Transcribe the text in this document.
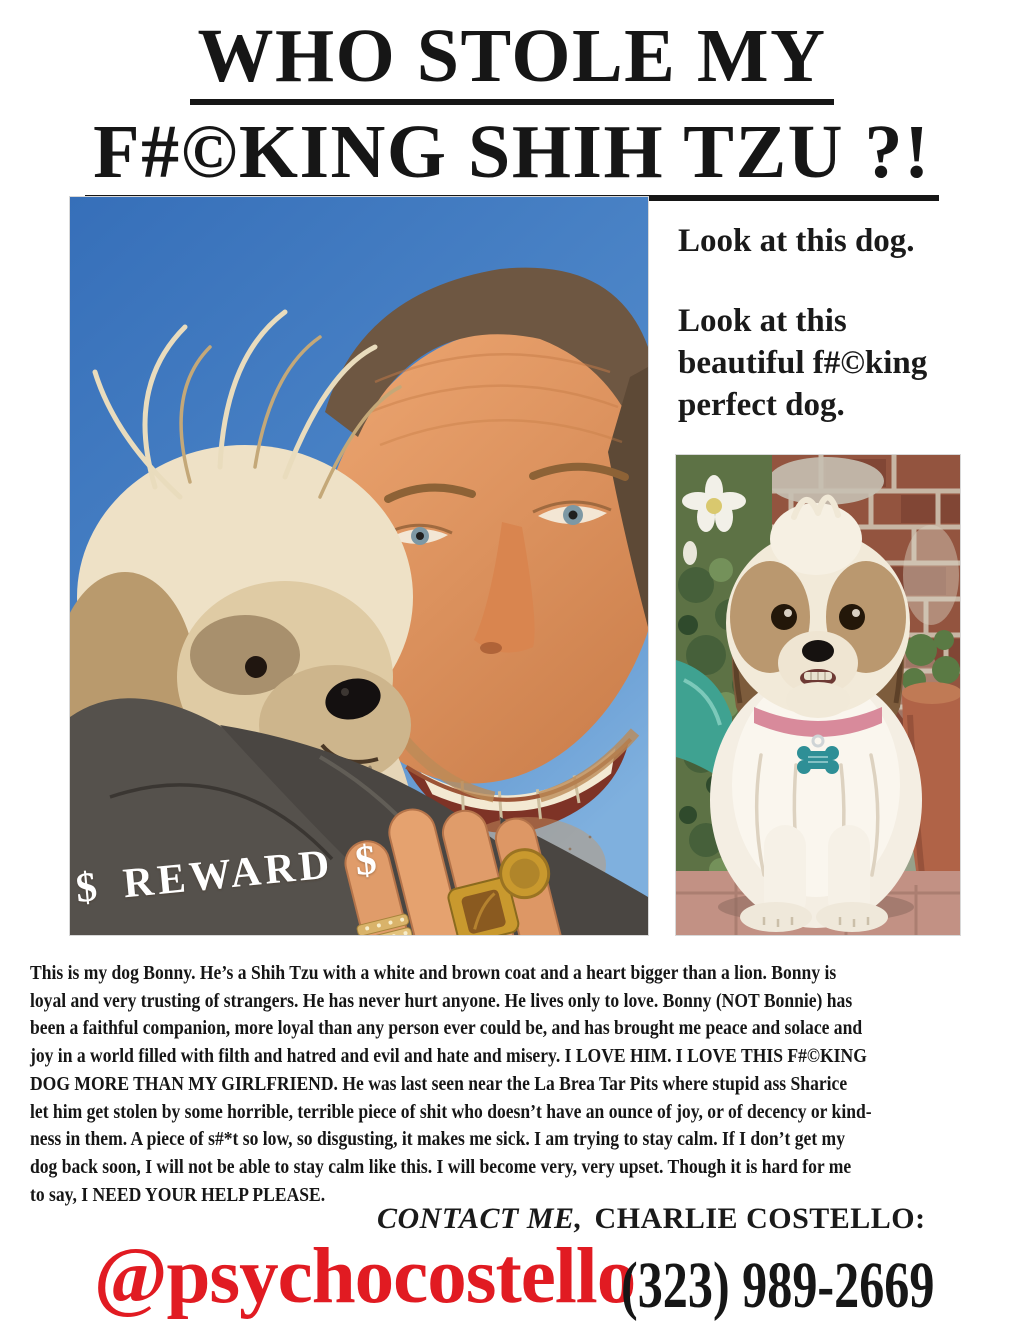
WHO STOLE MY
F#©KING SHIH TZU ?!
$ REWARD $
Look at this dog.
Look at this
beautiful f#©king
perfect dog.
This is my dog Bonny. He’s a Shih Tzu with a white and brown coat and a heart bigger than a lion. Bonny is
loyal and very trusting of strangers. He has never hurt anyone. He lives only to love. Bonny (NOT Bonnie) has
been a faithful companion, more loyal than any person ever could be, and has brought me peace and solace and
joy in a world filled with filth and hatred and evil and hate and misery. I LOVE HIM. I LOVE THIS F#©KING
DOG MORE THAN MY GIRLFRIEND. He was last seen near the La Brea Tar Pits where stupid ass Sharice
let him get stolen by some horrible, terrible piece of shit who doesn’t have an ounce of joy, or of decency or kind-
ness in them. A piece of s#*t so low, so disgusting, it makes me sick. I am trying to stay calm. If I don’t get my
dog back soon, I will not be able to stay calm like this. I will become very, very upset. Though it is hard for me
to say, I NEED YOUR HELP PLEASE.
CONTACT ME, CHARLIE COSTELLO:
@psychocostello
(323) 989-2669
